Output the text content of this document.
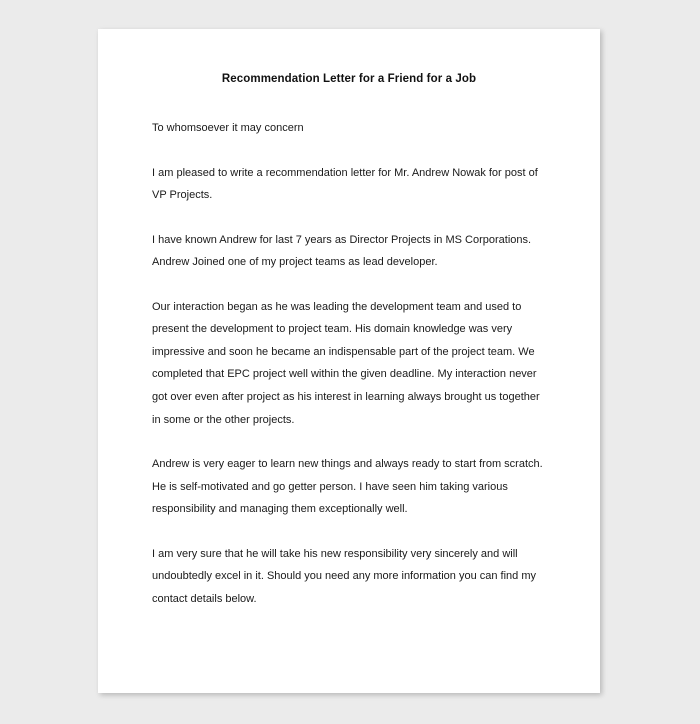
Recommendation Letter for a Friend for a Job

To whomsoever it may concern

I am pleased to write a recommendation letter for Mr. Andrew Nowak for post of VP Projects.

I have known Andrew for last 7 years as Director Projects in MS Corporations. Andrew Joined one of my project teams as lead developer.

Our interaction began as he was leading the development team and used to present the development to project team. His domain knowledge was very impressive and soon he became an indispensable part of the project team. We completed that EPC project well within the given deadline. My interaction never got over even after project as his interest in learning always brought us together in some or the other projects.

Andrew is very eager to learn new things and always ready to start from scratch. He is self-motivated and go getter person. I have seen him taking various responsibility and managing them exceptionally well.

I am very sure that he will take his new responsibility very sincerely and will undoubtedly excel in it. Should you need any more information you can find my contact details below.
